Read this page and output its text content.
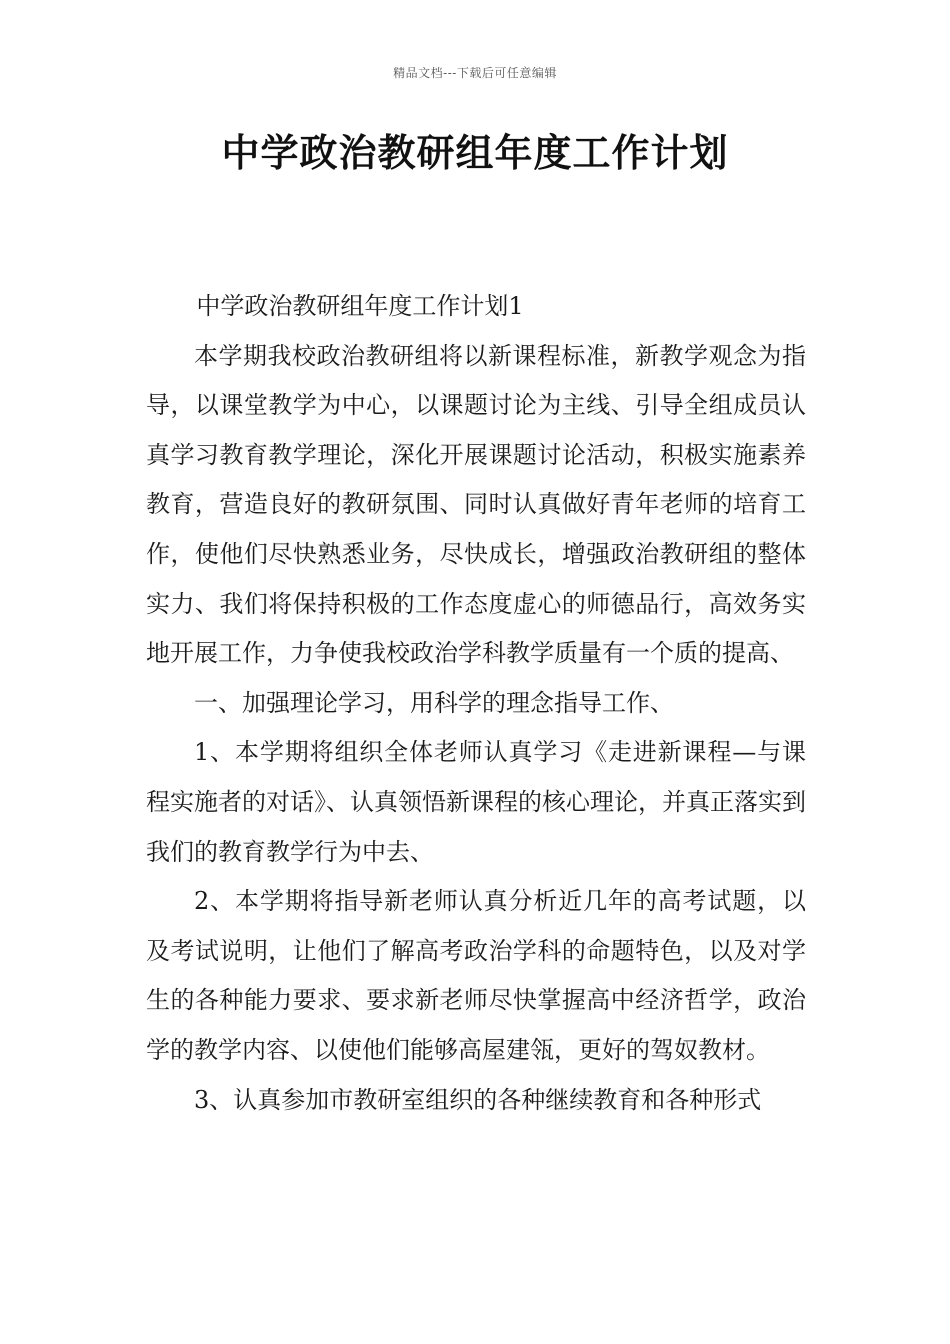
精品文档---下载后可任意编辑
中学政治教研组年度工作计划

中学政治教研组年度工作计划1

本学期我校政治教研组将以新课程标准，新教学观念为指导，以课堂教学为中心，以课题讨论为主线、引导全组成员认真学习教育教学理论，深化开展课题讨论活动，积极实施素养教育，营造良好的教研氛围、同时认真做好青年老师的培育工作，使他们尽快熟悉业务，尽快成长，增强政治教研组的整体实力、我们将保持积极的工作态度虚心的师德品行，高效务实地开展工作，力争使我校政治学科教学质量有一个质的提高、

一、加强理论学习，用科学的理念指导工作、

1、本学期将组织全体老师认真学习《走进新课程—与课程实施者的对话》、认真领悟新课程的核心理论，并真正落实到我们的教育教学行为中去、

2、本学期将指导新老师认真分析近几年的高考试题，以及考试说明，让他们了解高考政治学科的命题特色，以及对学生的各种能力要求、要求新老师尽快掌握高中经济哲学，政治学的教学内容、以使他们能够高屋建瓴，更好的驾奴教材。

3、认真参加市教研室组织的各种继续教育和各种形式
